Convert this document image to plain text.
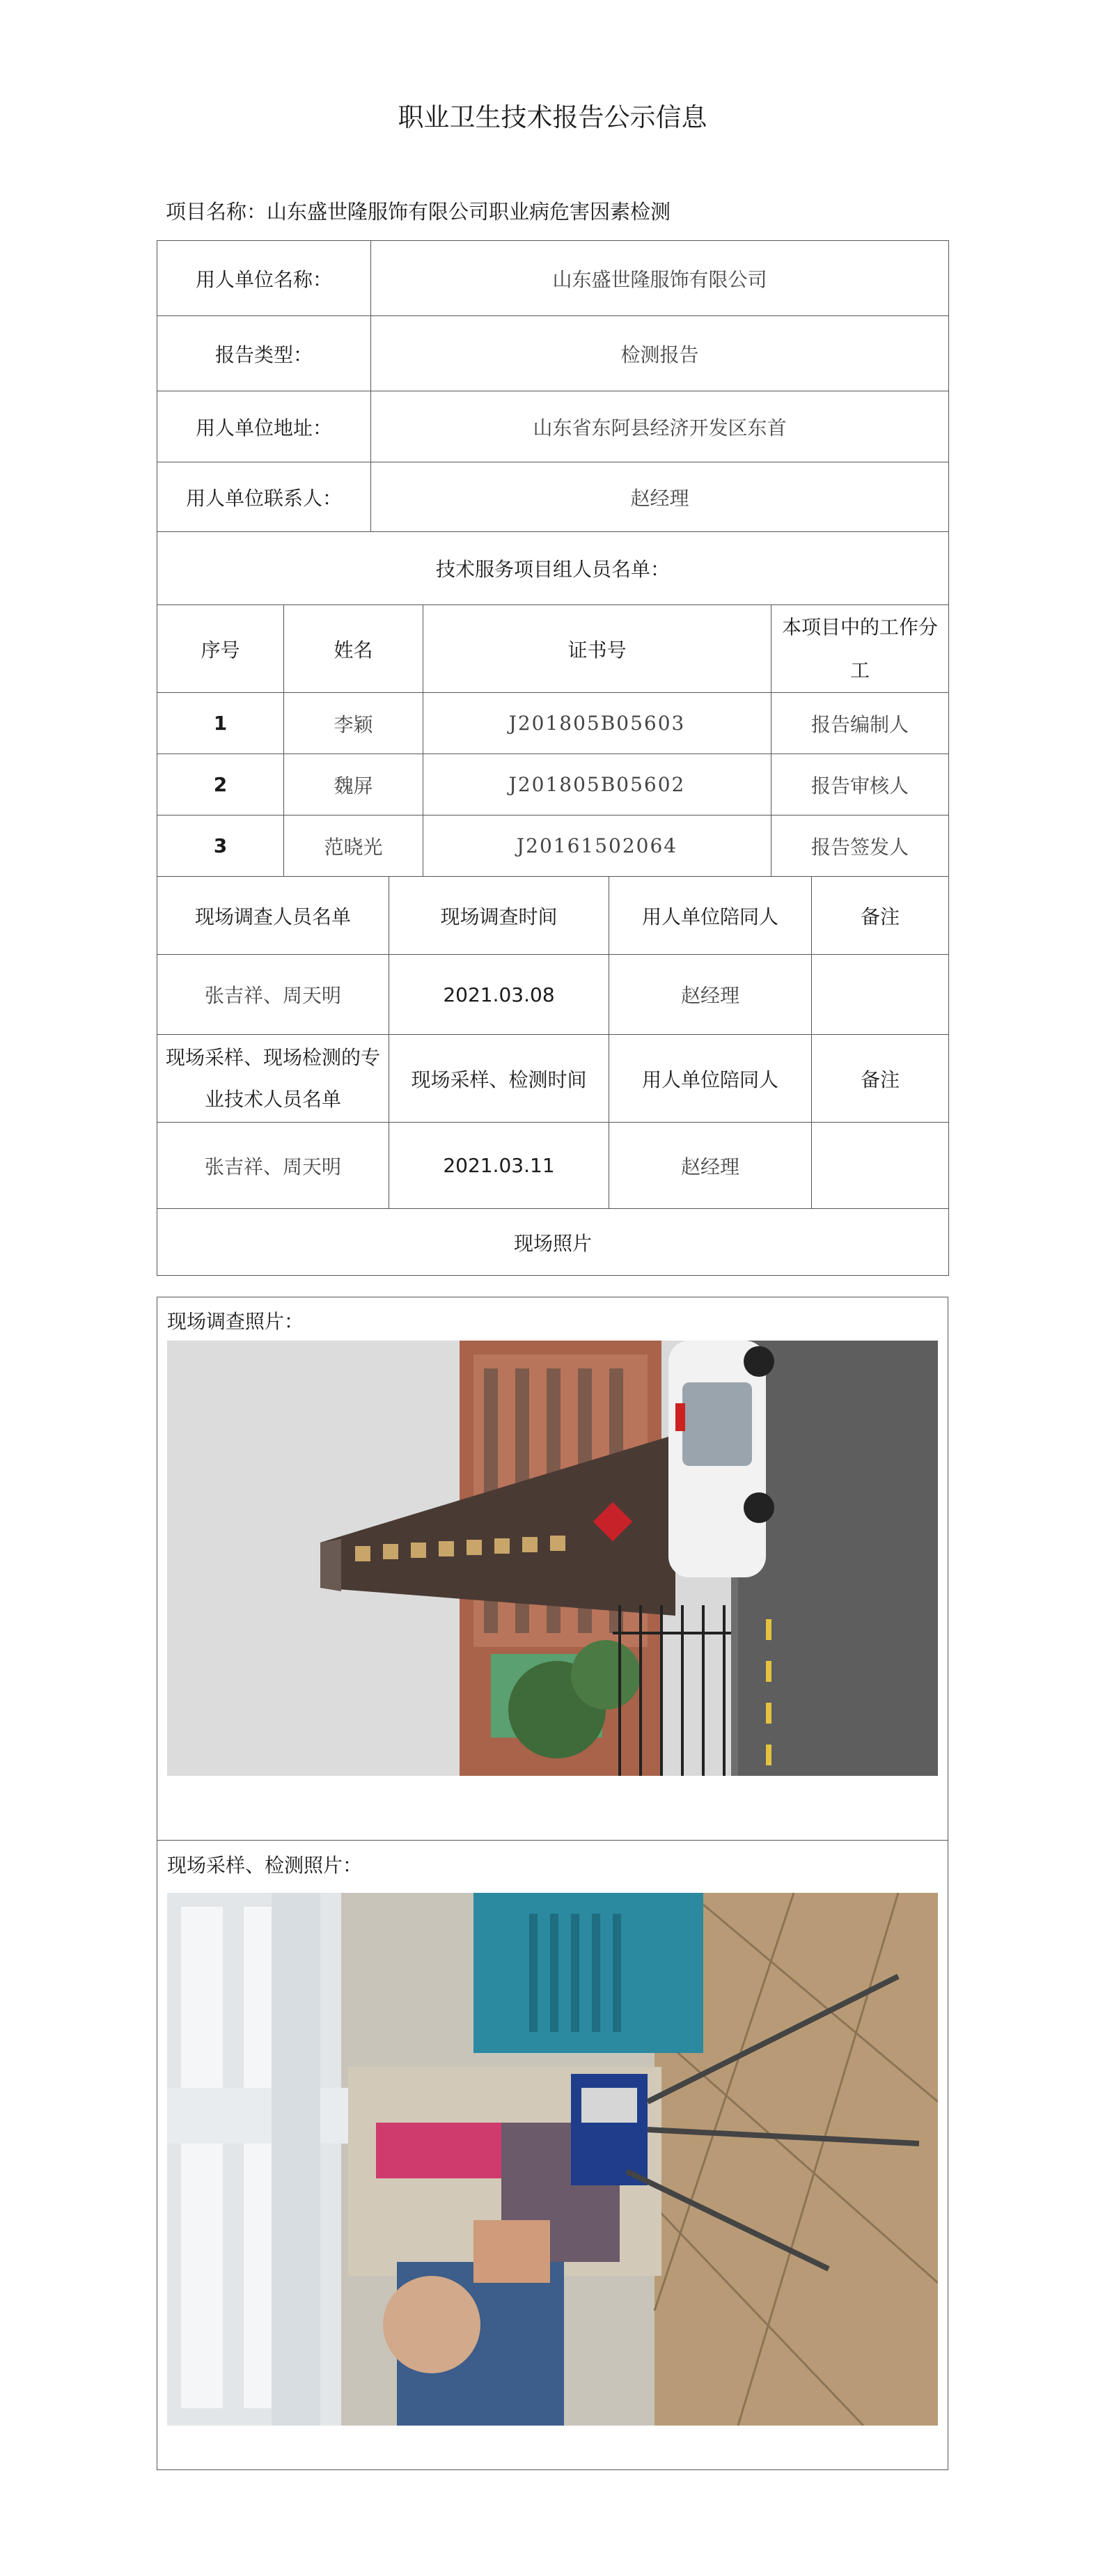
职业卫生技术报告公示信息
项目名称：山东盛世隆服饰有限公司职业病危害因素检测
用人单位名称：	山东盛世隆服饰有限公司
报告类型：	检测报告
用人单位地址：	山东省东阿县经济开发区东首
用人单位联系人：	赵经理
技术服务项目组人员名单：	
序号	姓名	证书号	本项目中的工作分工
1	李颖	J201805B05603	报告编制人
2	魏屏	J201805B05602	报告审核人
3	范晓光	J20161502064	报告签发人
现场调查人员名单	现场调查时间	用人单位陪同人	备注
张吉祥、周天明	2021.03.08	赵经理	
现场采样、现场检测的专业技术人员名单	现场采样、检测时间	用人单位陪同人	备注
张吉祥、周天明	2021.03.11	赵经理	
现场照片			
现场调查照片：
现场采样、检测照片：
